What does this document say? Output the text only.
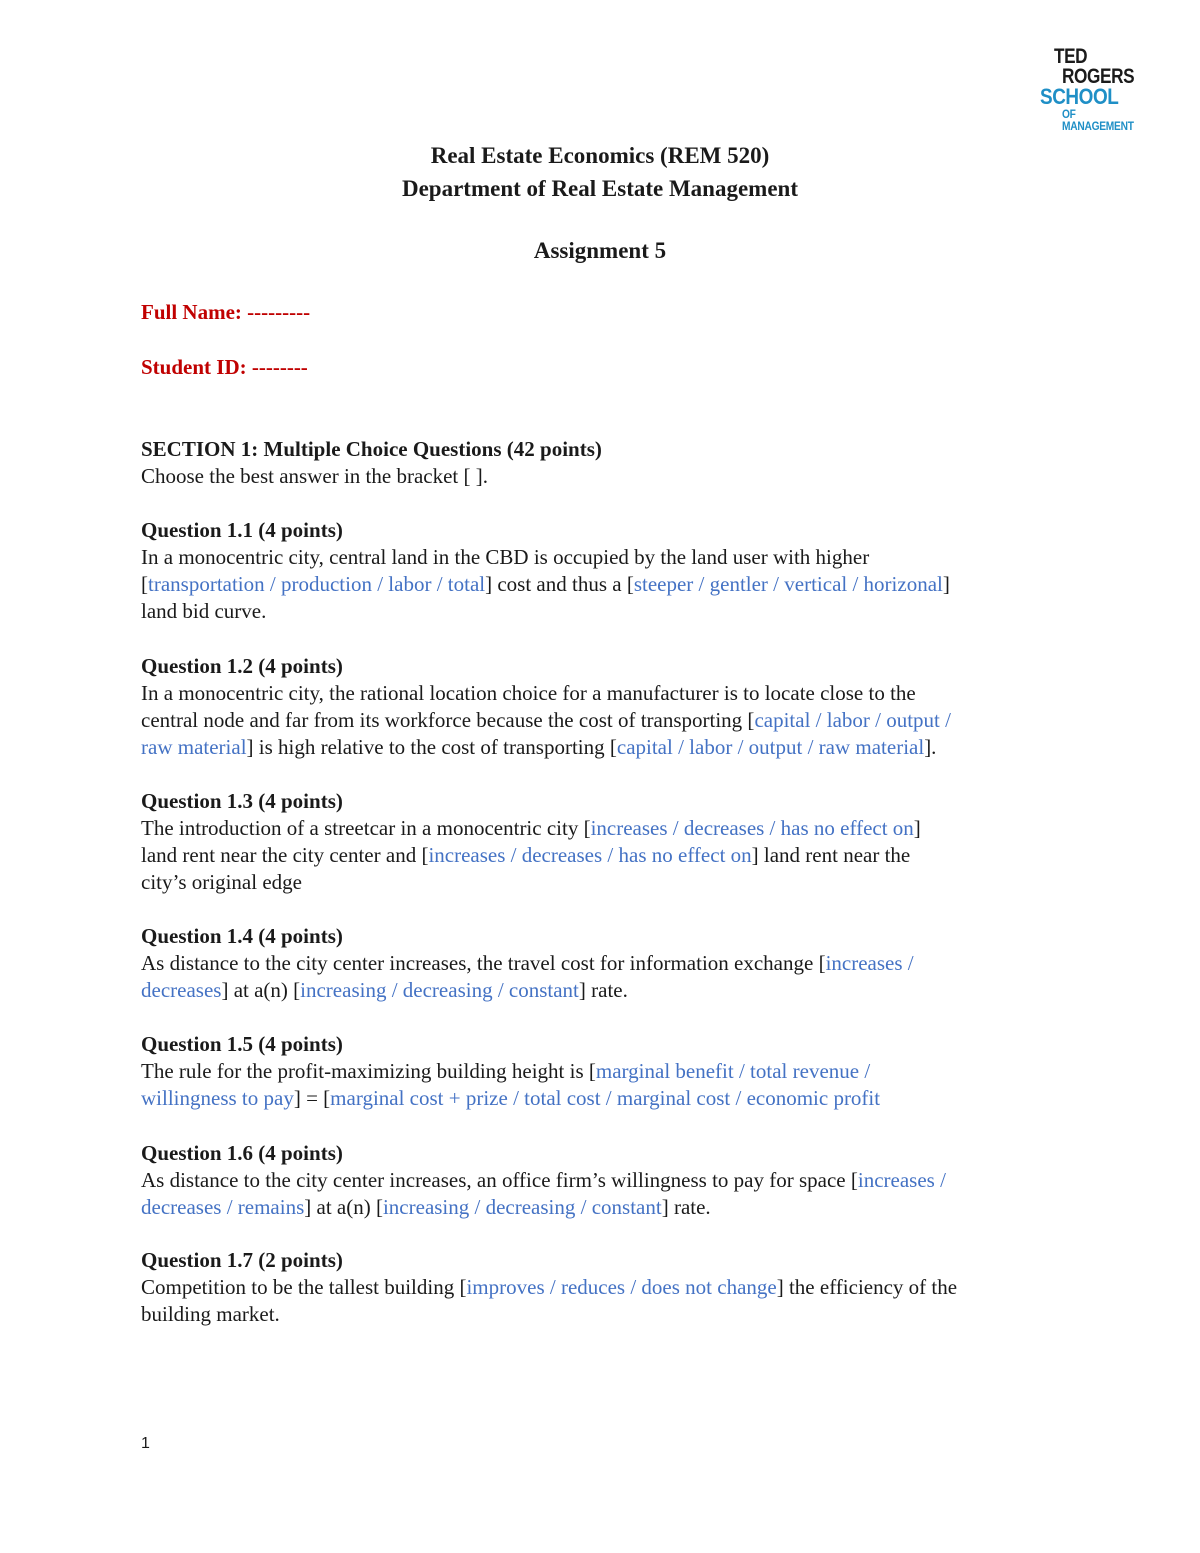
TED
ROGERS
SCHOOL
OF MANAGEMENT
Real Estate Economics (REM 520)
Department of Real Estate Management
Assignment 5
Full Name: ---------
Student ID: --------
SECTION 1: Multiple Choice Questions (42 points)
Choose the best answer in the bracket [ ].
Question 1.1 (4 points)
In a monocentric city, central land in the CBD is occupied by the land user with higher
[transportation / production / labor / total] cost and thus a [steeper / gentler / vertical / horizonal]
land bid curve.
Question 1.2 (4 points)
In a monocentric city, the rational location choice for a manufacturer is to locate close to the
central node and far from its workforce because the cost of transporting [capital / labor / output /
raw material] is high relative to the cost of transporting [capital / labor / output / raw material].
Question 1.3 (4 points)
The introduction of a streetcar in a monocentric city [increases / decreases / has no effect on]
land rent near the city center and [increases / decreases / has no effect on] land rent near the
city’s original edge
Question 1.4 (4 points)
As distance to the city center increases, the travel cost for information exchange [increases /
decreases] at a(n) [increasing / decreasing / constant] rate.
Question 1.5 (4 points)
The rule for the profit-maximizing building height is [marginal benefit / total revenue /
willingness to pay] = [marginal cost + prize / total cost / marginal cost / economic profit
Question 1.6 (4 points)
As distance to the city center increases, an office firm’s willingness to pay for space [increases /
decreases / remains] at a(n) [increasing / decreasing / constant] rate.
Question 1.7 (2 points)
Competition to be the tallest building [improves / reduces / does not change] the efficiency of the
building market.
1
